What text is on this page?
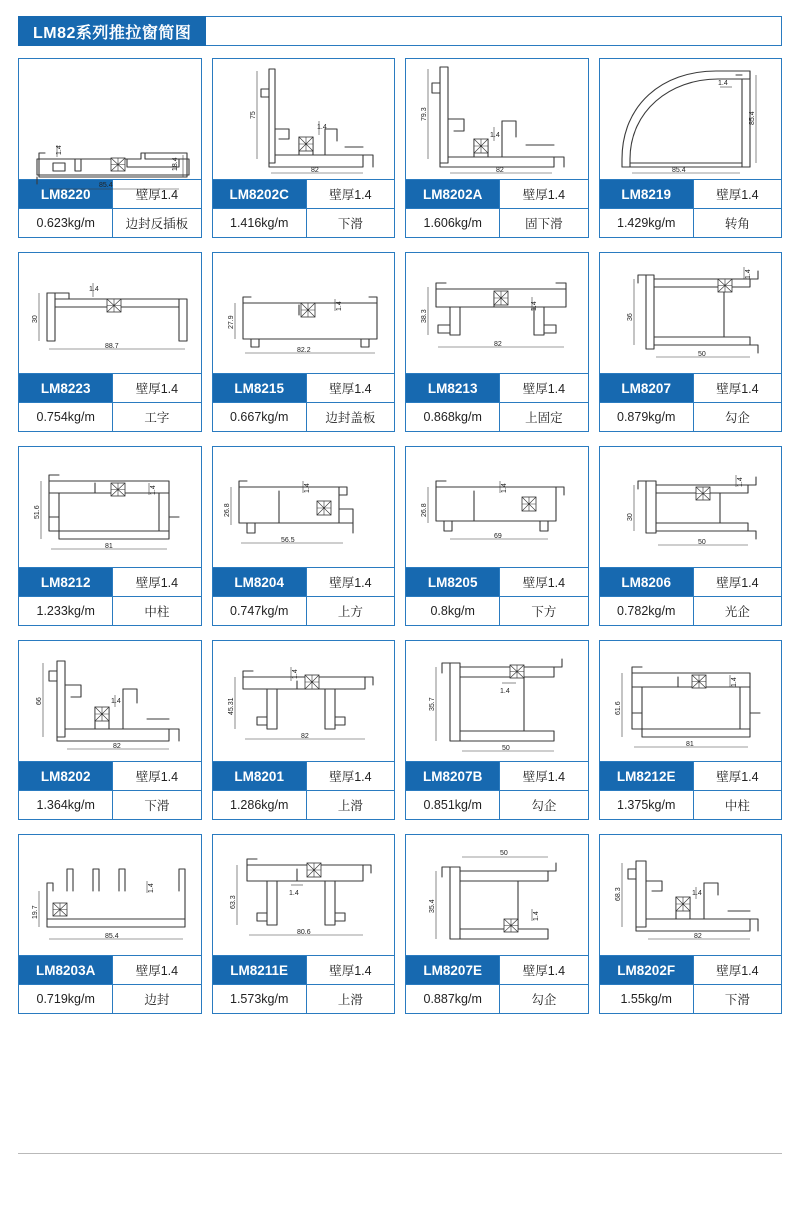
LM82系列推拉窗简图
1.4
18.4
85.4
LM8220	壁厚1.4
0.623kg/m	边封反插板
75
1.4
82
LM8202C	壁厚1.4
1.416kg/m	下滑
79.3
1.4
82
LM8202A	壁厚1.4
1.606kg/m	固下滑
85.4
1.4
85.4
LM8219	壁厚1.4
1.429kg/m	转角
30
1.4
88.7
LM8223	壁厚1.4
0.754kg/m	工字
27.9
1.4
82.2
LM8215	壁厚1.4
0.667kg/m	边封盖板
38.3
1.4
82
LM8213	壁厚1.4
0.868kg/m	上固定
36
1.4
50
LM8207	壁厚1.4
0.879kg/m	勾企
51.6
1.4
81
LM8212	壁厚1.4
1.233kg/m	中柱
26.8
1.4
56.5
LM8204	壁厚1.4
0.747kg/m	上方
26.8
1.4
69
LM8205	壁厚1.4
0.8kg/m	下方
30
1.4
50
LM8206	壁厚1.4
0.782kg/m	光企
66	1.4
82
LM8202	壁厚1.4
1.364kg/m	下滑
45.31
1.4
82
LM8201	壁厚1.4
1.286kg/m	上滑
35.7
1.4
50
LM8207B	壁厚1.4
0.851kg/m	勾企
61.6
1.4
81
LM8212E	壁厚1.4
1.375kg/m	中柱
19.7
1.4
85.4
LM8203A	壁厚1.4
0.719kg/m	边封
63.3
1.4
80.6
LM8211E	壁厚1.4
1.573kg/m	上滑
35.4
50
1.4
LM8207E	壁厚1.4
0.887kg/m	勾企
68.3	1.4
82
LM8202F	壁厚1.4
1.55kg/m	下滑
